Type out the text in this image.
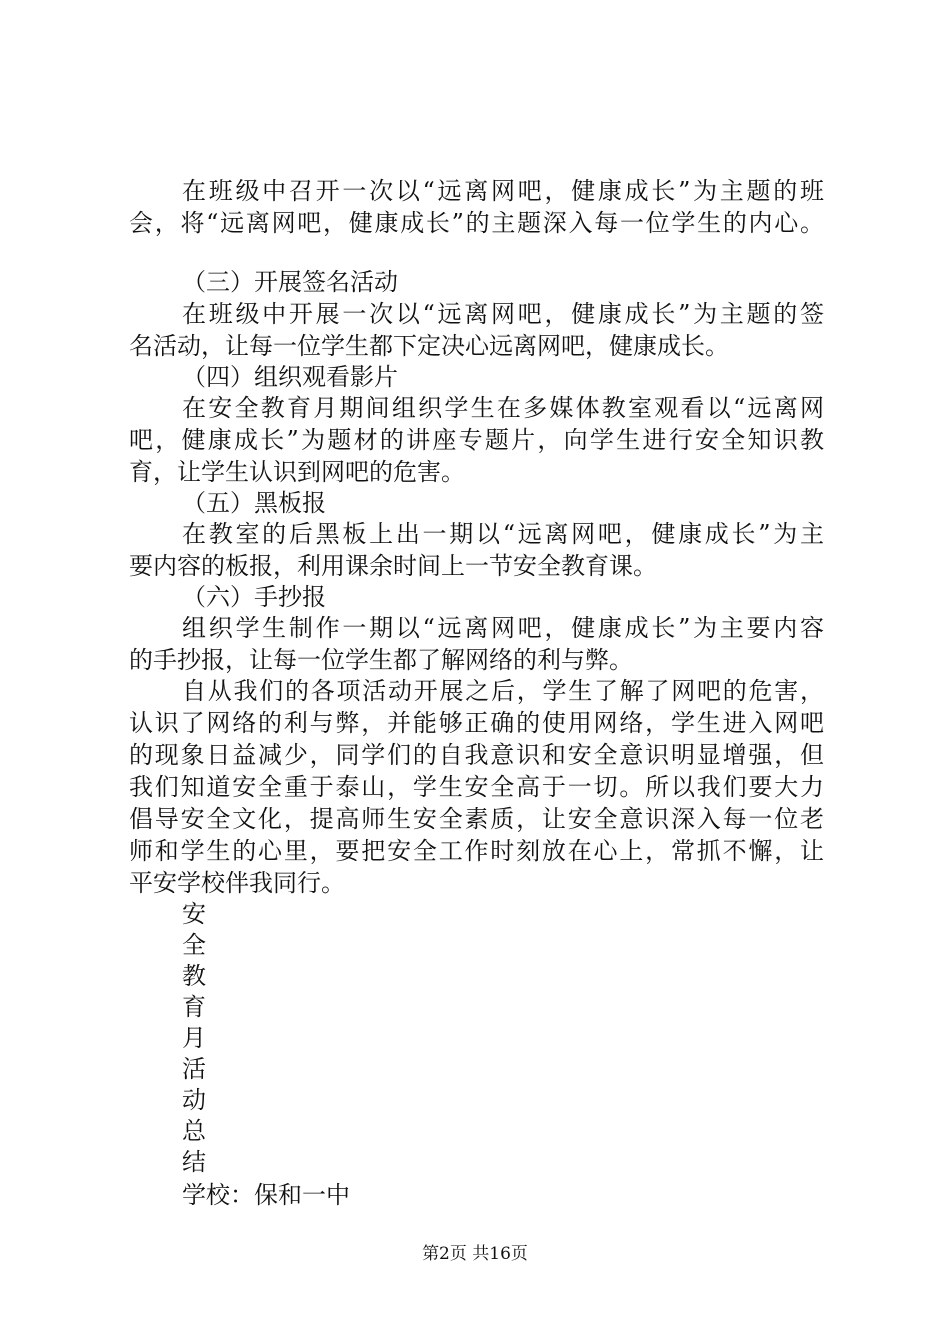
在班级中召开一次以“远离网吧，健康成长”为主题的班
会，将“远离网吧，健康成长”的主题深入每一位学生的内心。
（三）开展签名活动
在班级中开展一次以“远离网吧，健康成长”为主题的签
名活动，让每一位学生都下定决心远离网吧，健康成长。
（四）组织观看影片
在安全教育月期间组织学生在多媒体教室观看以“远离网
吧，健康成长”为题材的讲座专题片，向学生进行安全知识教
育，让学生认识到网吧的危害。
（五）黑板报
在教室的后黑板上出一期以“远离网吧，健康成长”为主
要内容的板报，利用课余时间上一节安全教育课。
（六）手抄报
组织学生制作一期以“远离网吧，健康成长”为主要内容
的手抄报，让每一位学生都了解网络的利与弊。
自从我们的各项活动开展之后，学生了解了网吧的危害，
认识了网络的利与弊，并能够正确的使用网络，学生进入网吧
的现象日益减少，同学们的自我意识和安全意识明显增强，但
我们知道安全重于泰山，学生安全高于一切。所以我们要大力
倡导安全文化，提高师生安全素质，让安全意识深入每一位老
师和学生的心里，要把安全工作时刻放在心上，常抓不懈，让
平安学校伴我同行。
安
全
教
育
月
活
动
总
结
学校：保和一中
第2页 共16页
